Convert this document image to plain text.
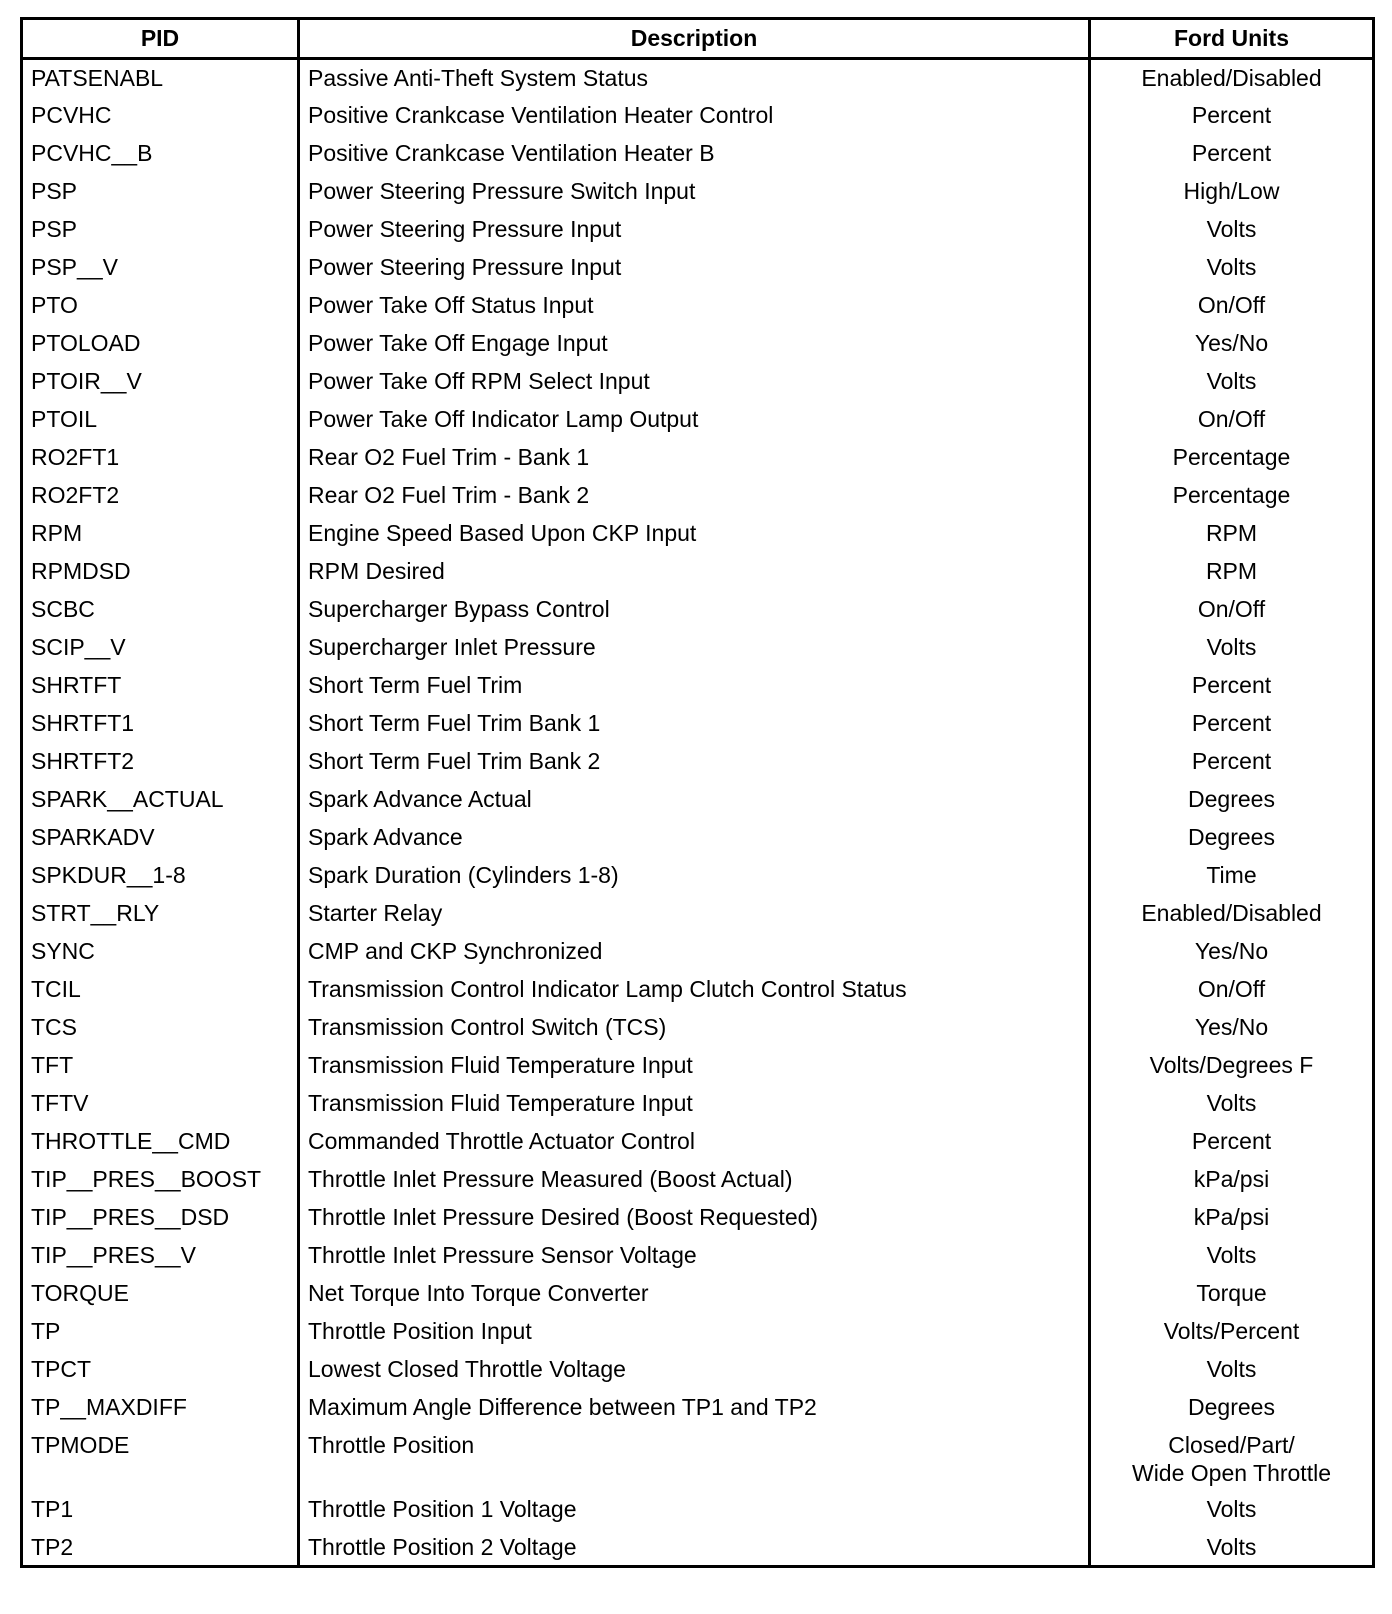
PID	Description	Ford Units
PATSENABL	Passive Anti-Theft System Status	Enabled/Disabled
PCVHC	Positive Crankcase Ventilation Heater Control	Percent
PCVHC__B	Positive Crankcase Ventilation Heater B	Percent
PSP	Power Steering Pressure Switch Input	High/Low
PSP	Power Steering Pressure Input	Volts
PSP__V	Power Steering Pressure Input	Volts
PTO	Power Take Off Status Input	On/Off
PTOLOAD	Power Take Off Engage Input	Yes/No
PTOIR__V	Power Take Off RPM Select Input	Volts
PTOIL	Power Take Off Indicator Lamp Output	On/Off
RO2FT1	Rear O2 Fuel Trim - Bank 1	Percentage
RO2FT2	Rear O2 Fuel Trim - Bank 2	Percentage
RPM	Engine Speed Based Upon CKP Input	RPM
RPMDSD	RPM Desired	RPM
SCBC	Supercharger Bypass Control	On/Off
SCIP__V	Supercharger Inlet Pressure	Volts
SHRTFT	Short Term Fuel Trim	Percent
SHRTFT1	Short Term Fuel Trim Bank 1	Percent
SHRTFT2	Short Term Fuel Trim Bank 2	Percent
SPARK__ACTUAL	Spark Advance Actual	Degrees
SPARKADV	Spark Advance	Degrees
SPKDUR__1-8	Spark Duration (Cylinders 1-8)	Time
STRT__RLY	Starter Relay	Enabled/Disabled
SYNC	CMP and CKP Synchronized	Yes/No
TCIL	Transmission Control Indicator Lamp Clutch Control Status	On/Off
TCS	Transmission Control Switch (TCS)	Yes/No
TFT	Transmission Fluid Temperature Input	Volts/Degrees F
TFTV	Transmission Fluid Temperature Input	Volts
THROTTLE__CMD	Commanded Throttle Actuator Control	Percent
TIP__PRES__BOOST	Throttle Inlet Pressure Measured (Boost Actual)	kPa/psi
TIP__PRES__DSD	Throttle Inlet Pressure Desired (Boost Requested)	kPa/psi
TIP__PRES__V	Throttle Inlet Pressure Sensor Voltage	Volts
TORQUE	Net Torque Into Torque Converter	Torque
TP	Throttle Position Input	Volts/Percent
TPCT	Lowest Closed Throttle Voltage	Volts
TP__MAXDIFF	Maximum Angle Difference between TP1 and TP2	Degrees
TPMODE	Throttle Position	Closed/Part/
Wide Open Throttle
TP1	Throttle Position 1 Voltage	Volts
TP2	Throttle Position 2 Voltage	Volts
